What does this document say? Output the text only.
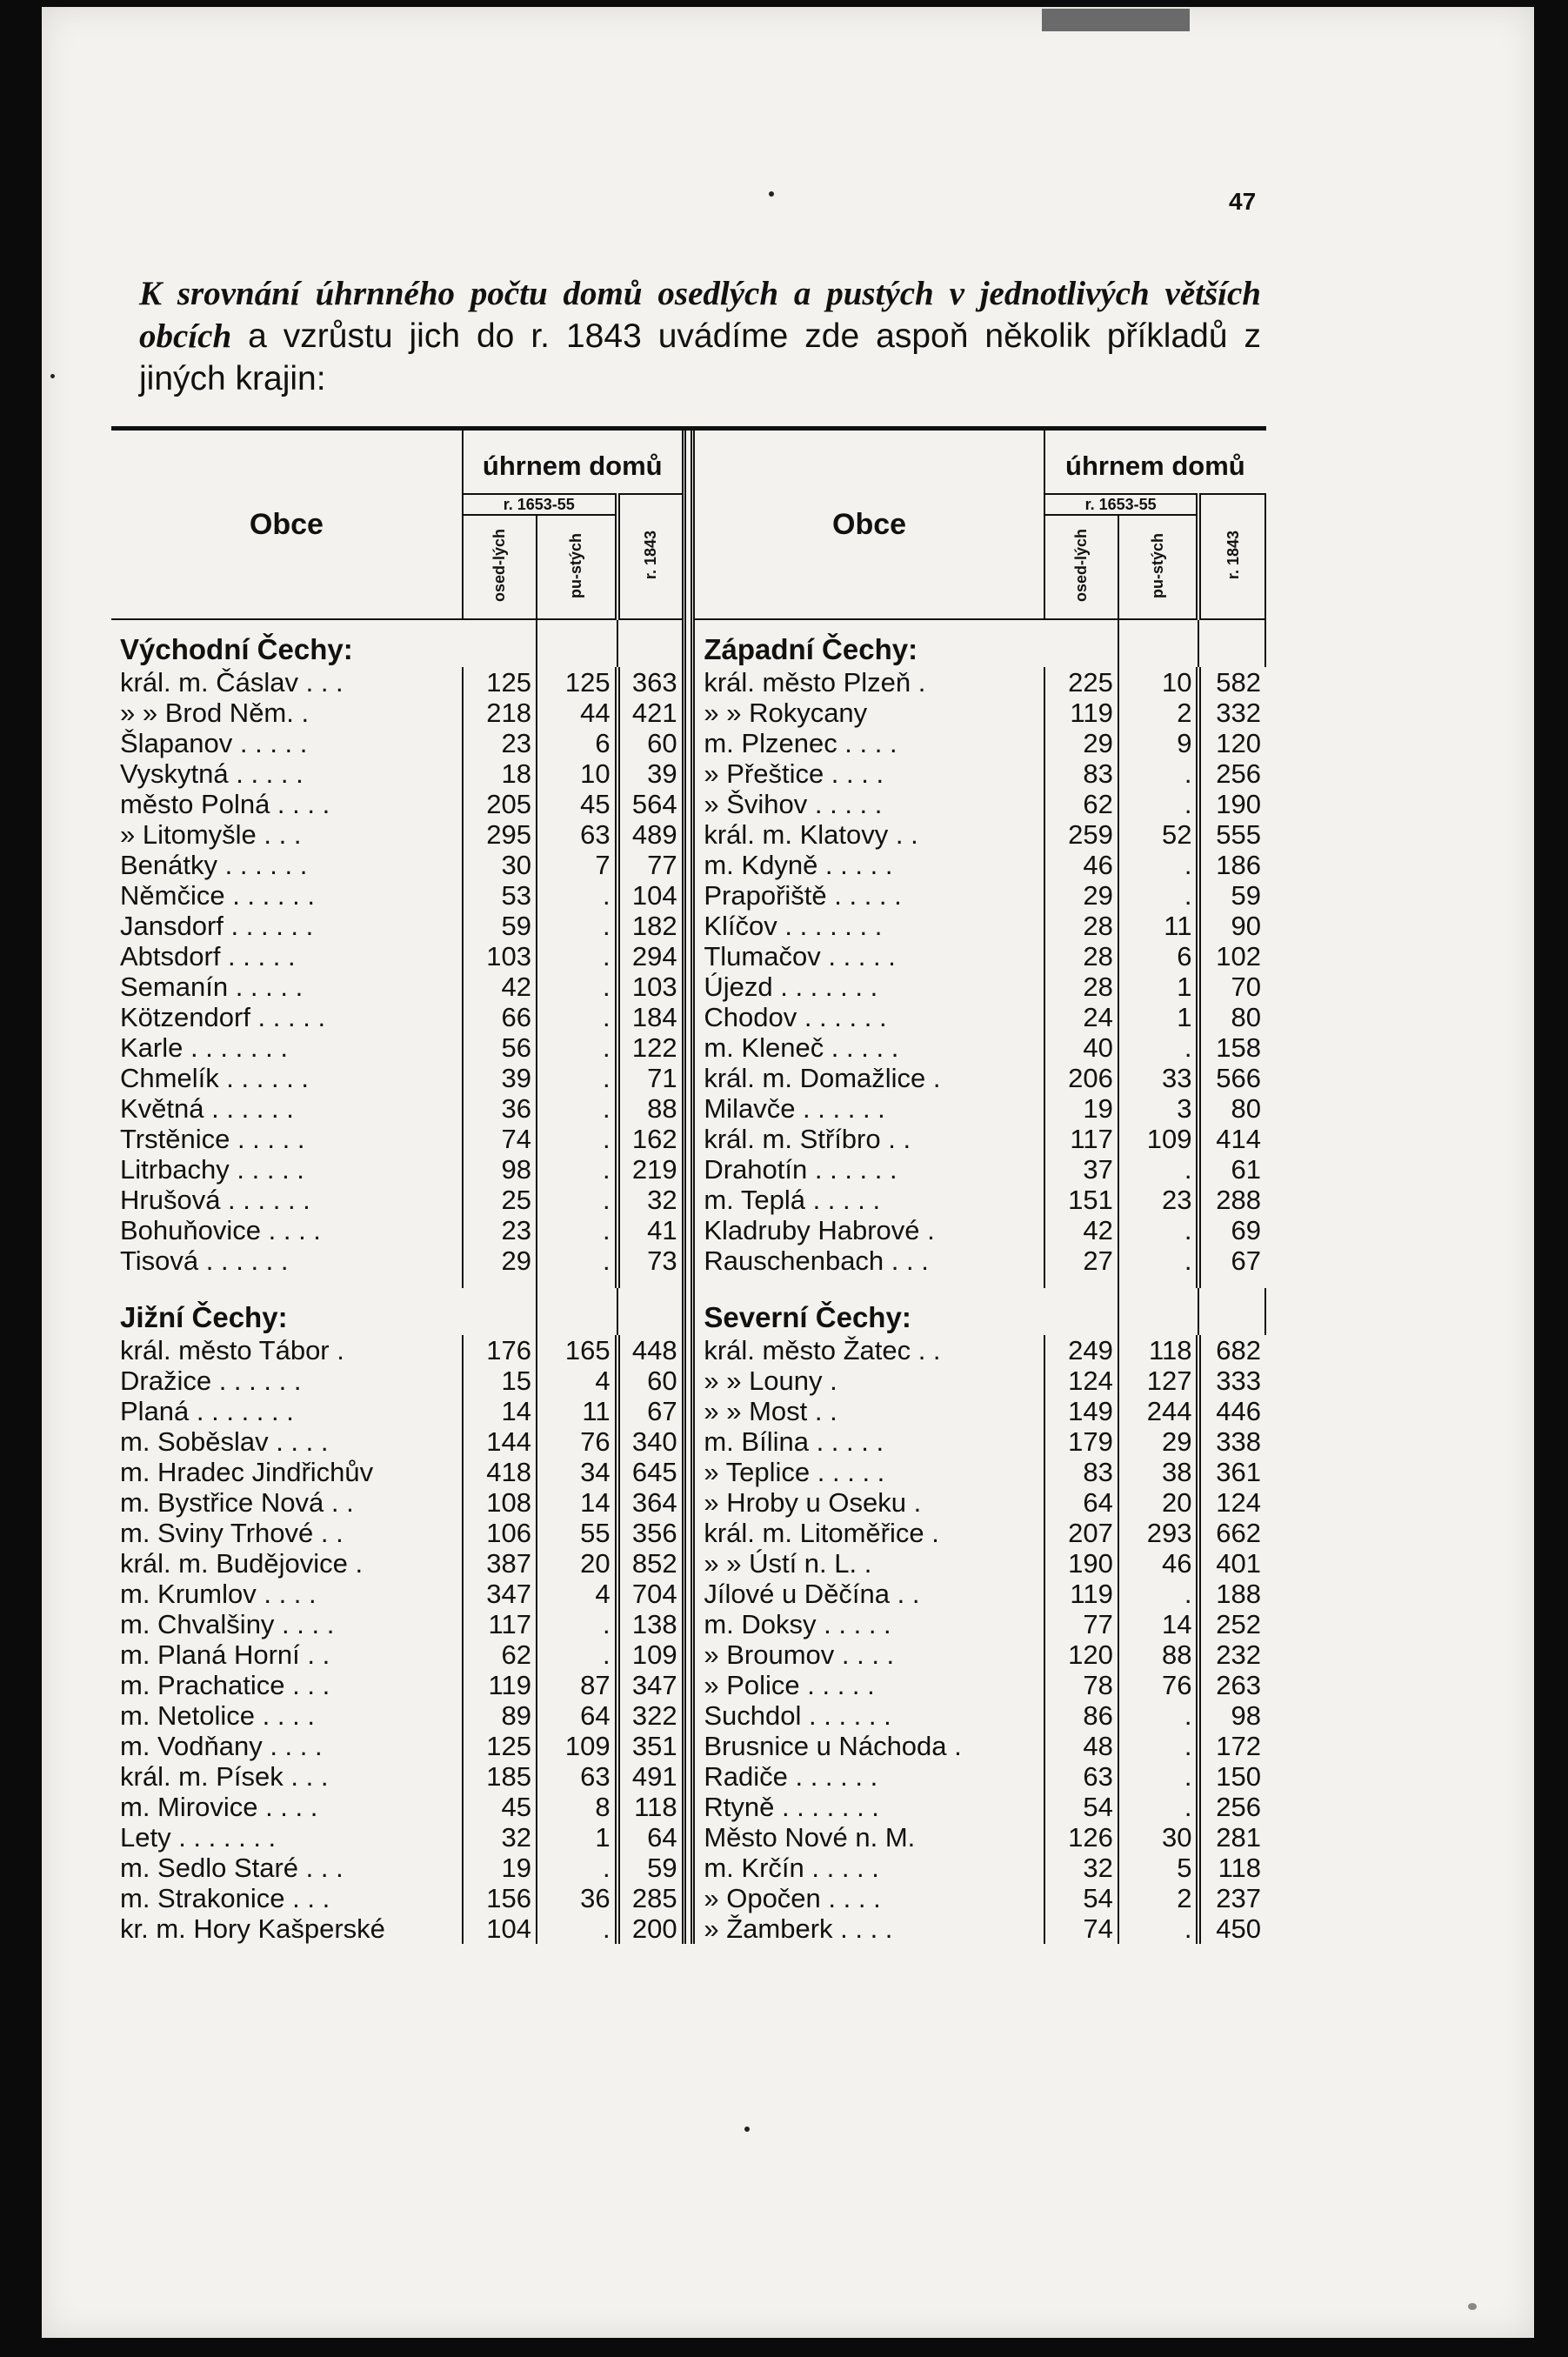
47

K srovnání úhrnného počtu domů osedlých a pustých v jednotlivých větších obcích a vzrůstu jich do r. 1843 uvádíme zde aspoň několik příkladů z jiných krajin:

Obce	úhrnem domů				Obce	úhrnem domů		
	r. 1653-55		r. 1843			r. 1653-55		r. 1843
	osed-lých	pu-stých				osed-lých	pu-stých	
Východní Čechy:					Západní Čechy:			
král. m. Čáslav . . .	125	125	363		král. město Plzeň .	225	10	582
» » Brod Něm. .	218	44	421		» » Rokycany	119	2	332
Šlapanov . . . . .	23	6	60		m. Plzenec . . . .	29	9	120
Vyskytná . . . . .	18	10	39		» Přeštice . . . .	83	.	256
město Polná . . . .	205	45	564		» Švihov . . . . .	62	.	190
» Litomyšle . . .	295	63	489		král. m. Klatovy . .	259	52	555
Benátky . . . . . .	30	7	77		m. Kdyně . . . . .	46	.	186
Němčice . . . . . .	53	.	104		Prapořiště . . . . .	29	.	59
Jansdorf . . . . . .	59	.	182		Klíčov . . . . . . .	28	11	90
Abtsdorf . . . . .	103	.	294		Tlumačov . . . . .	28	6	102
Semanín . . . . .	42	.	103		Újezd . . . . . . .	28	1	70
Kötzendorf . . . . .	66	.	184		Chodov . . . . . .	24	1	80
Karle . . . . . . .	56	.	122		m. Kleneč . . . . .	40	.	158
Chmelík . . . . . .	39	.	71		král. m. Domažlice .	206	33	566
Květná . . . . . .	36	.	88		Milavče . . . . . .	19	3	80
Trstěnice . . . . .	74	.	162		král. m. Stříbro . .	117	109	414
Litrbachy . . . . .	98	.	219		Drahotín . . . . . .	37	.	61
Hrušová . . . . . .	25	.	32		m. Teplá . . . . .	151	23	288
Bohuňovice . . . .	23	.	41		Kladruby Habrové .	42	.	69
Tisová . . . . . .	29	.	73		Rauschenbach . . .	27	.	67

Jižní Čechy:					Severní Čechy:			
král. město Tábor .	176	165	448		král. město Žatec . .	249	118	682
Dražice . . . . . .	15	4	60		» » Louny .	124	127	333
Planá . . . . . . .	14	11	67		» » Most . .	149	244	446
m. Soběslav . . . .	144	76	340		m. Bílina . . . . .	179	29	338
m. Hradec Jindřichův	418	34	645		» Teplice . . . . .	83	38	361
m. Bystřice Nová . .	108	14	364		» Hroby u Oseku .	64	20	124
m. Sviny Trhové . .	106	55	356		král. m. Litoměřice .	207	293	662
král. m. Budějovice .	387	20	852		» » Ústí n. L. .	190	46	401
m. Krumlov . . . .	347	4	704		Jílové u Děčína . .	119	.	188
m. Chvalšiny . . . .	117	.	138		m. Doksy . . . . .	77	14	252
m. Planá Horní . .	62	.	109		» Broumov . . . .	120	88	232
m. Prachatice . . .	119	87	347		» Police . . . . .	78	76	263
m. Netolice . . . .	89	64	322		Suchdol . . . . . .	86	.	98
m. Vodňany . . . .	125	109	351		Brusnice u Náchoda .	48	.	172
král. m. Písek . . .	185	63	491		Radiče . . . . . .	63	.	150
m. Mirovice . . . .	45	8	118		Rtyně . . . . . . .	54	.	256
Lety . . . . . . .	32	1	64		Město Nové n. M.	126	30	281
m. Sedlo Staré . . .	19	.	59		m. Krčín . . . . .	32	5	118
m. Strakonice . . .	156	36	285		» Opočen . . . .	54	2	237
kr. m. Hory Kašperské	104	.	200		» Žamberk . . . .	74	.	450
